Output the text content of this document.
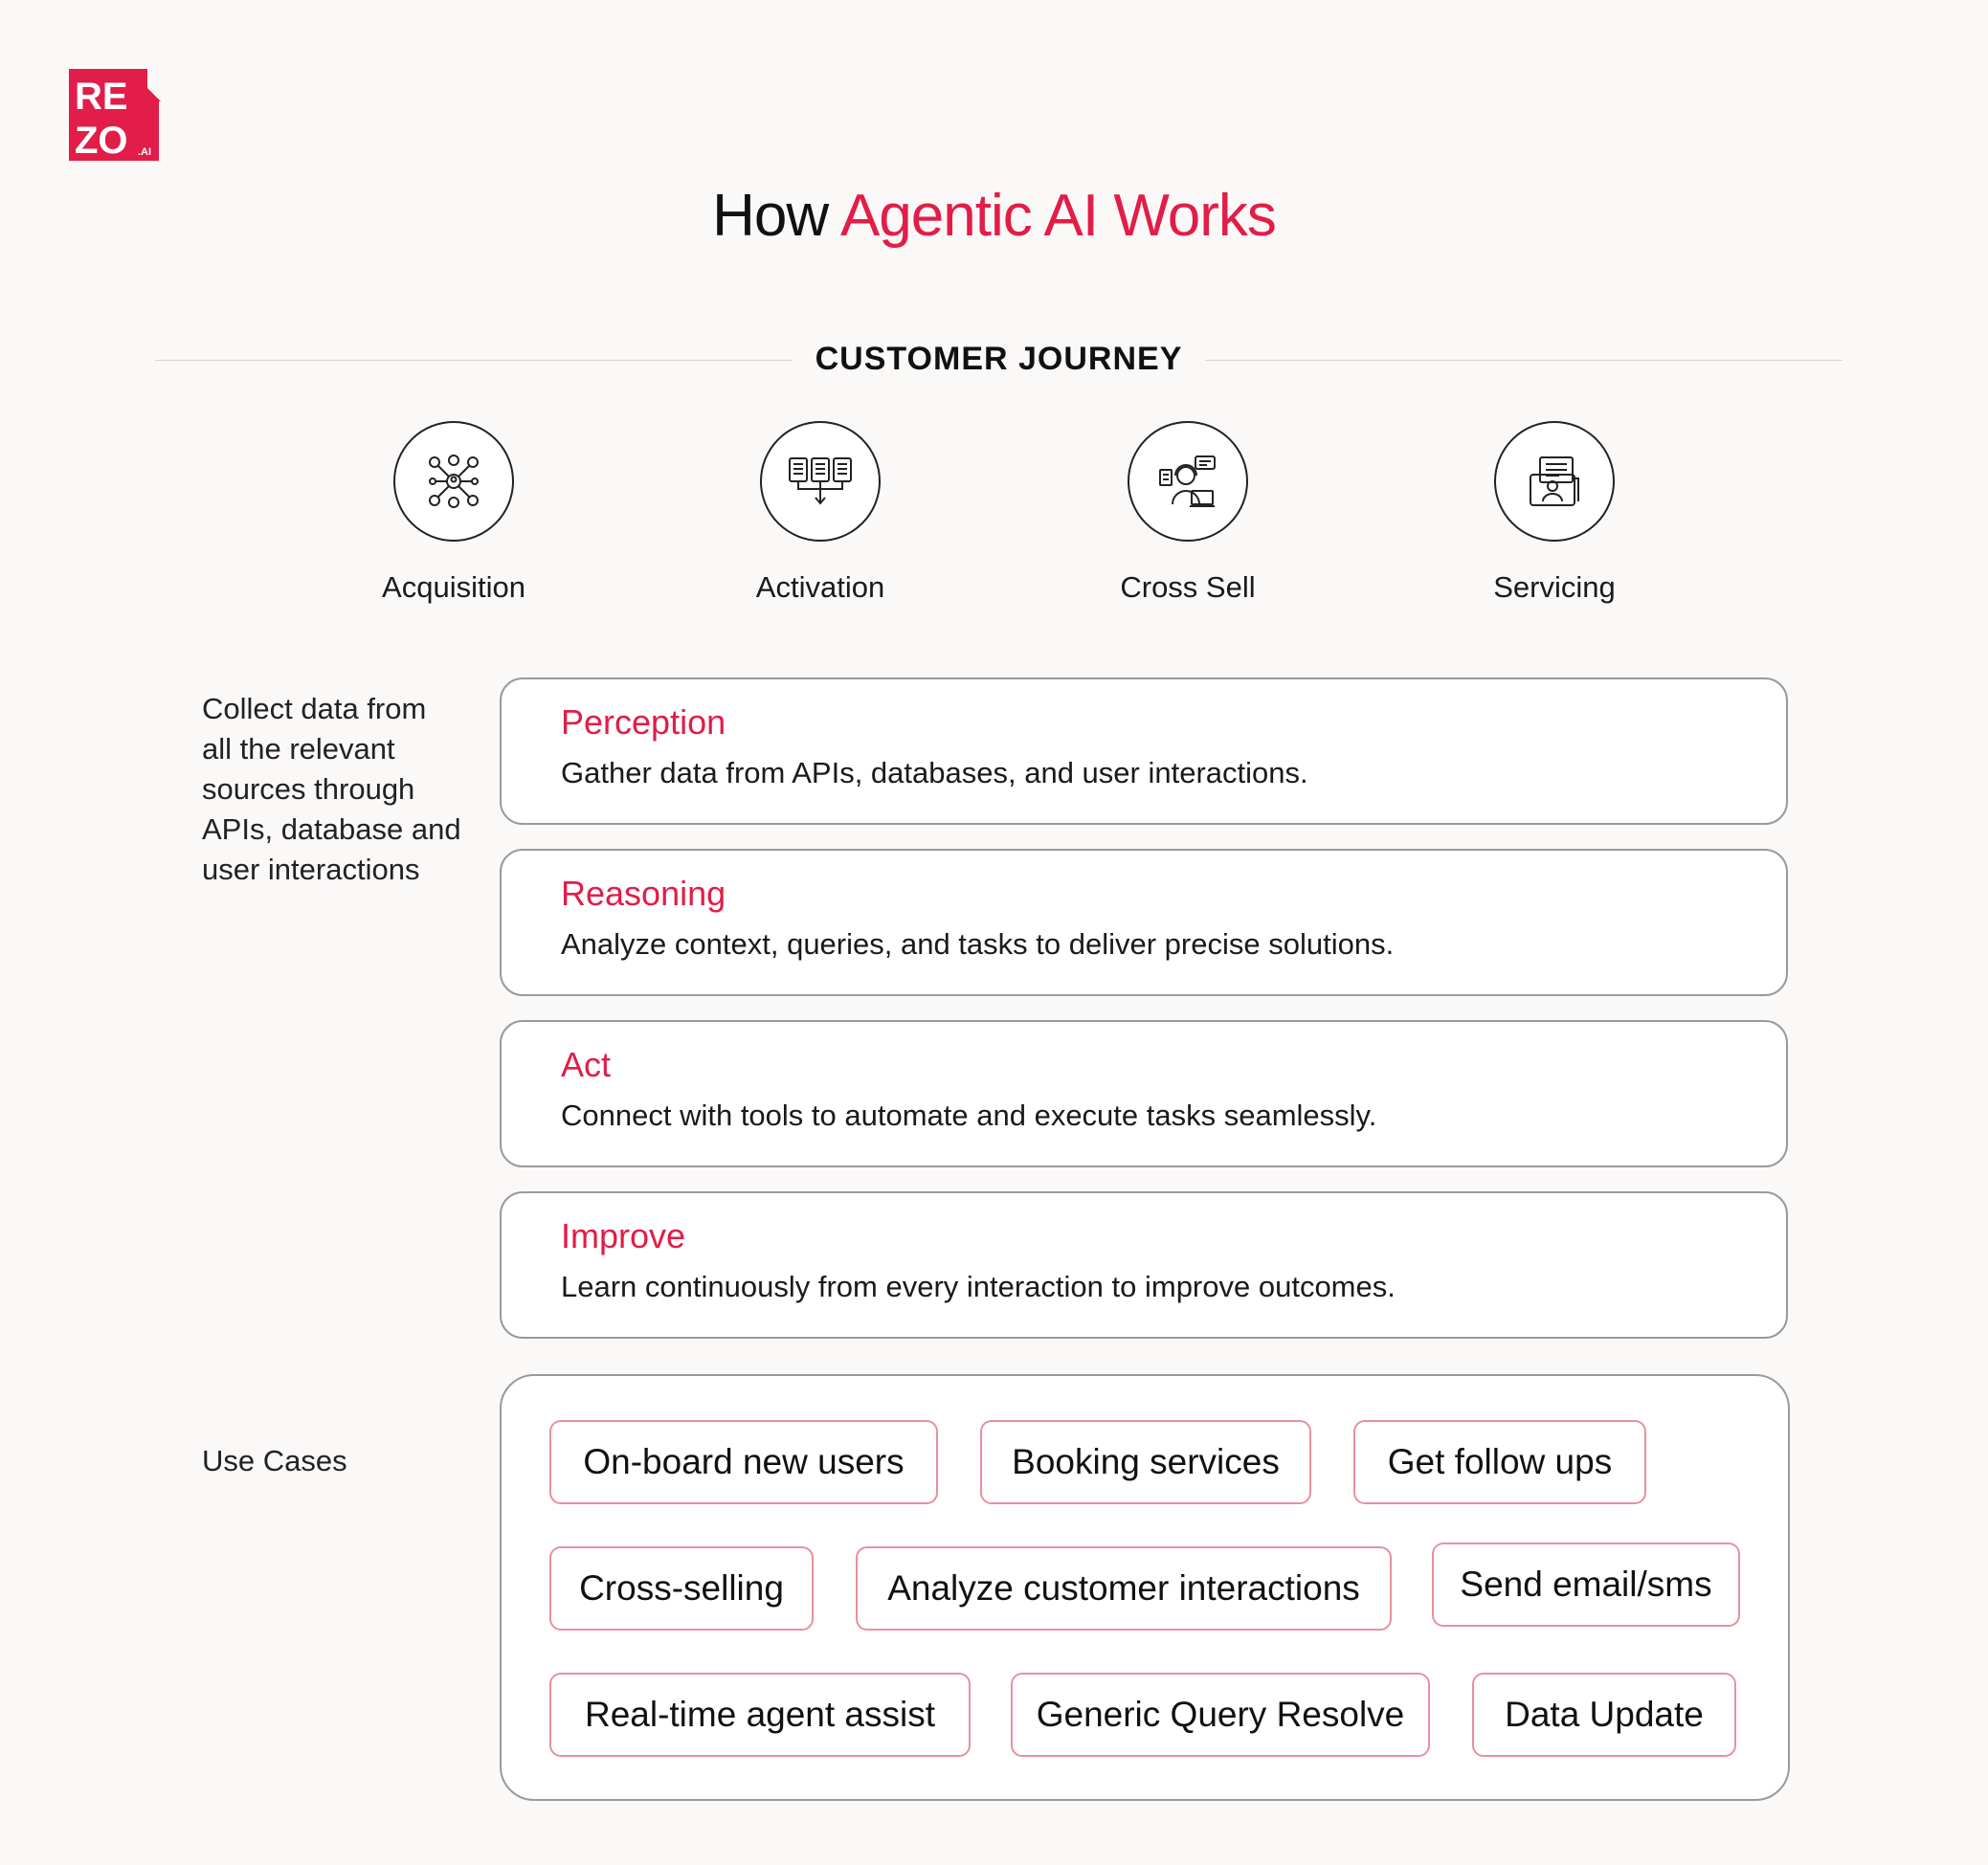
RE
ZO .AI
How Agentic AI Works
CUSTOMER JOURNEY
Acquisition	Activation	Cross Sell	Servicing
Collect data from
all the relevant
sources through
APIs, database and
user interactions
Perception
Gather data from APIs, databases, and user interactions.
Reasoning
Analyze context, queries, and tasks to deliver precise solutions.
Act
Connect with tools to automate and execute tasks seamlessly.
Improve
Learn continuously from every interaction to improve outcomes.
Use Cases	On-board new users	Booking services	Get follow ups
Cross-selling	Analyze customer interactions	Send email/sms
Real-time agent assist	Generic Query Resolve	Data Update
